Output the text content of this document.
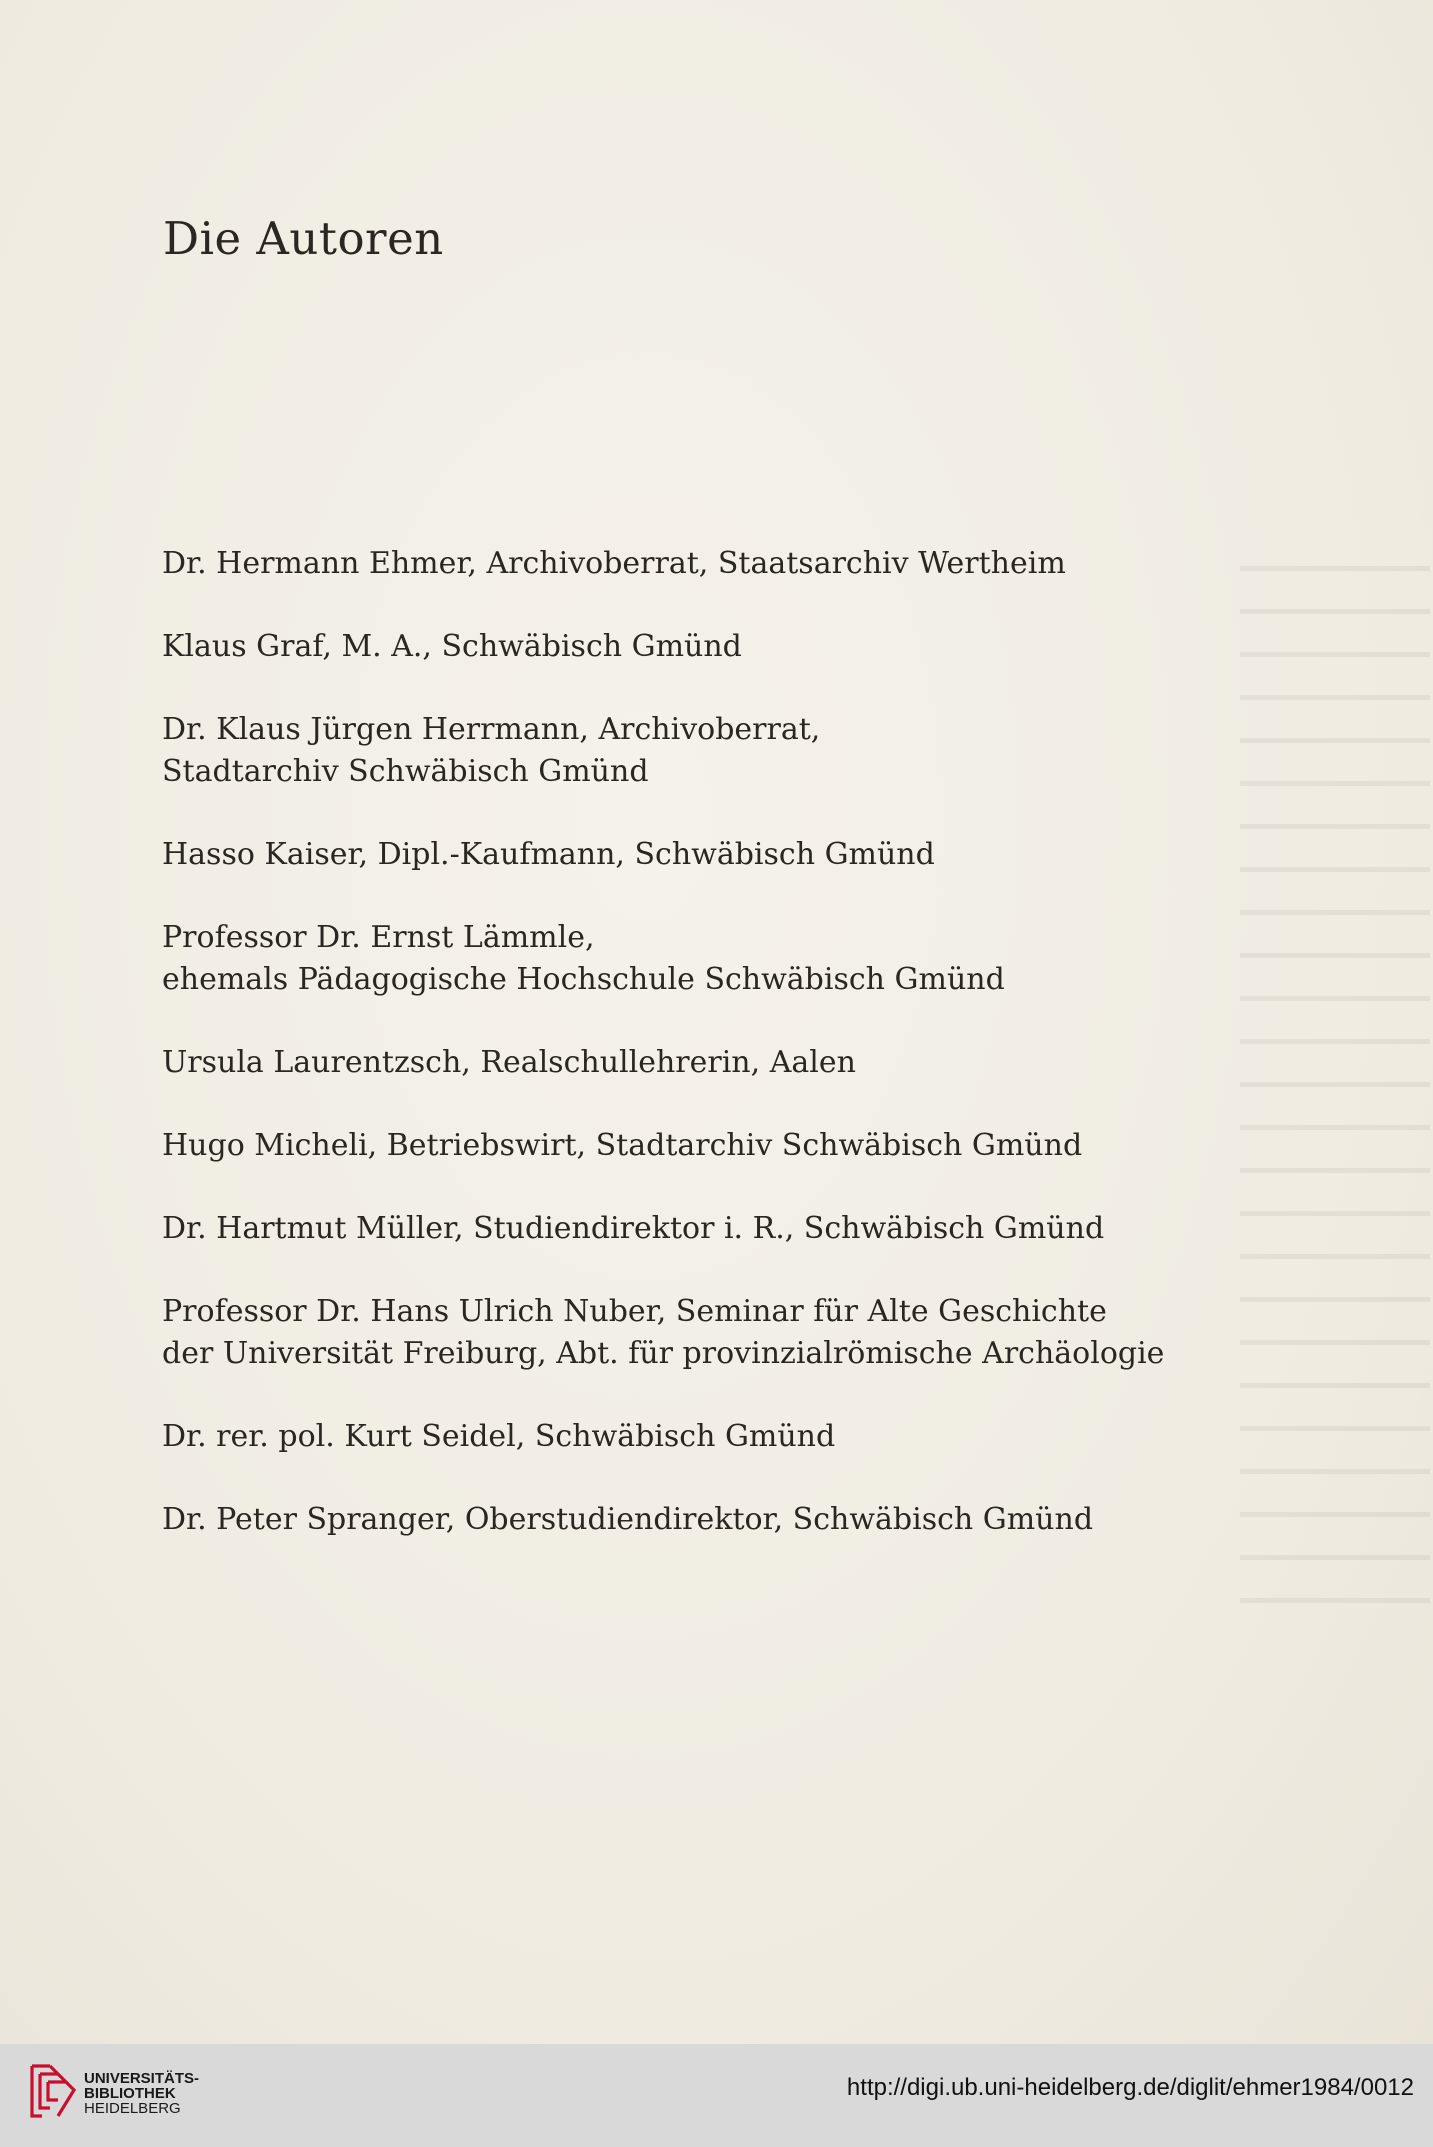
Die Autoren
Dr. Hermann Ehmer, Archivoberrat, Staatsarchiv Wertheim
Klaus Graf, M. A., Schwäbisch Gmünd
Dr. Klaus Jürgen Herrmann, Archivoberrat,
Stadtarchiv Schwäbisch Gmünd
Hasso Kaiser, Dipl.-Kaufmann, Schwäbisch Gmünd
Professor Dr. Ernst Lämmle,
ehemals Pädagogische Hochschule Schwäbisch Gmünd
Ursula Laurentzsch, Realschullehrerin, Aalen
Hugo Micheli, Betriebswirt, Stadtarchiv Schwäbisch Gmünd
Dr. Hartmut Müller, Studiendirektor i. R., Schwäbisch Gmünd
Professor Dr. Hans Ulrich Nuber, Seminar für Alte Geschichte
der Universität Freiburg, Abt. für provinzialrömische Archäologie
Dr. rer. pol. Kurt Seidel, Schwäbisch Gmünd
Dr. Peter Spranger, Oberstudiendirektor, Schwäbisch Gmünd
UNIVERSITÄTS-
BIBLIOTHEK
HEIDELBERG
http://digi.ub.uni-heidelberg.de/diglit/ehmer1984/0012
